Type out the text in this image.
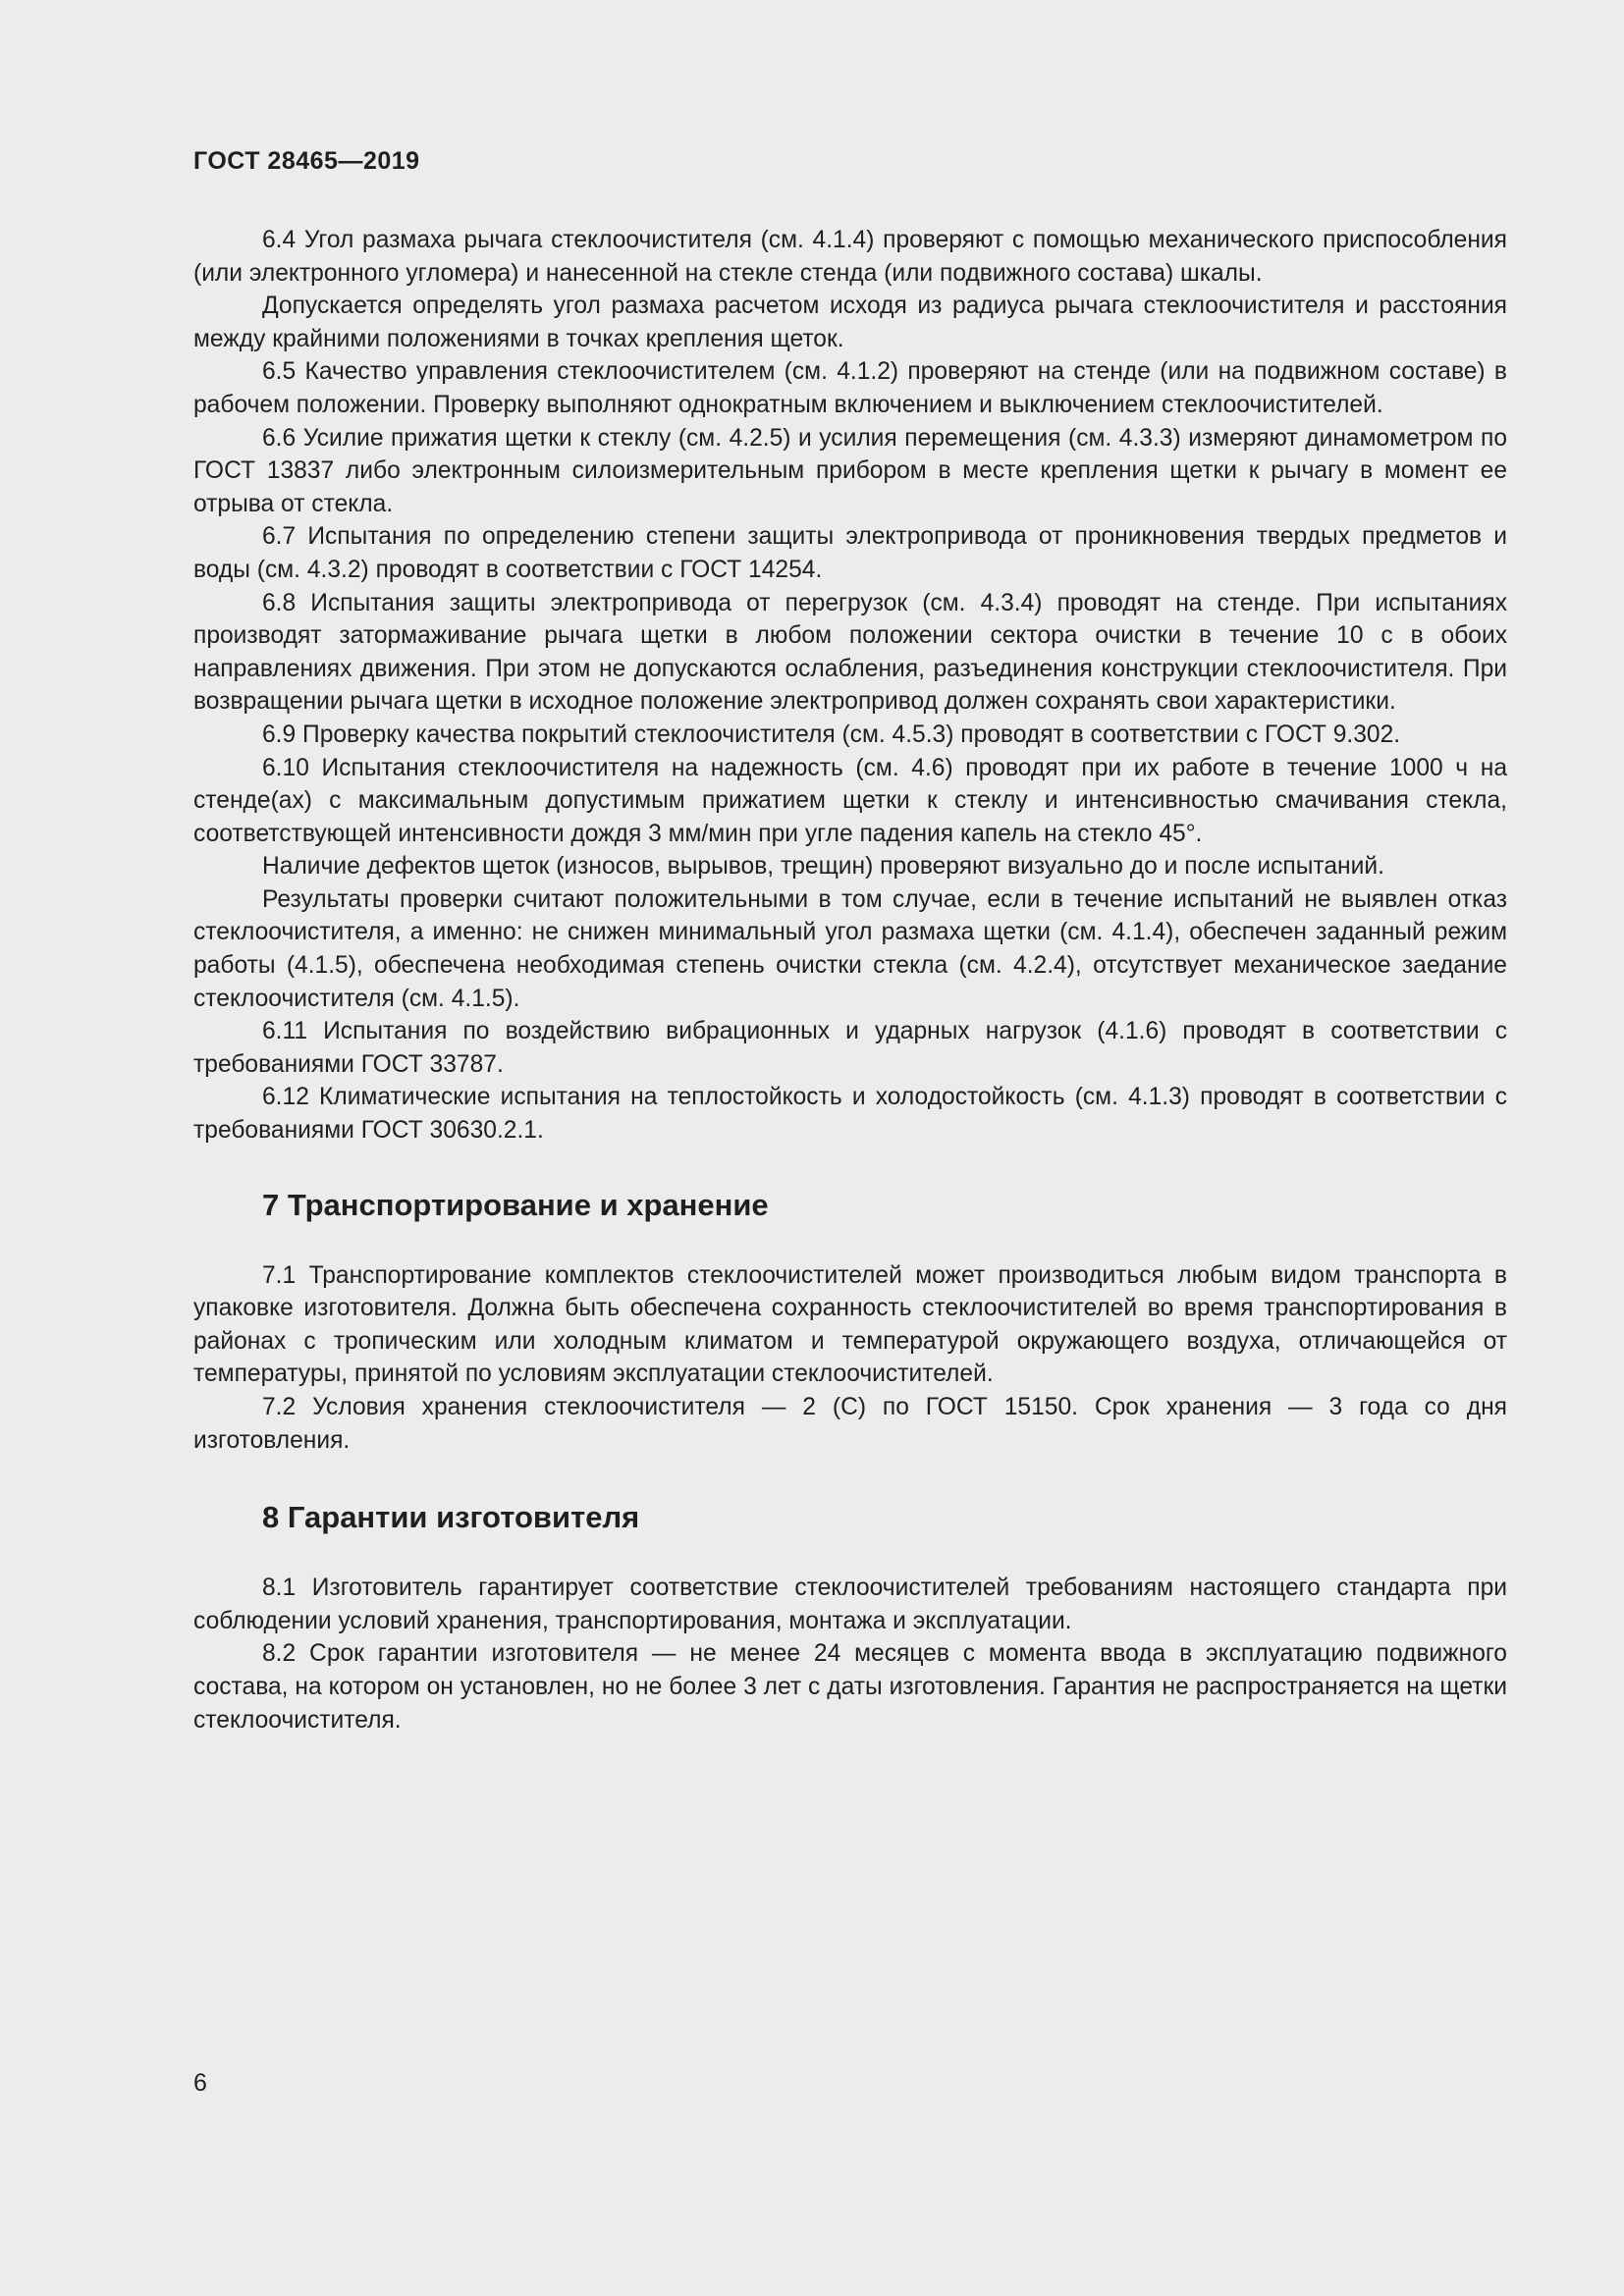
ГОСТ 28465—2019

6.4 Угол размаха рычага стеклоочистителя (см. 4.1.4) проверяют с помощью механического приспособления (или электронного угломера) и нанесенной на стекле стенда (или подвижного состава) шкалы.

Допускается определять угол размаха расчетом исходя из радиуса рычага стеклоочистителя и расстояния между крайними положениями в точках крепления щеток.

6.5 Качество управления стеклоочистителем (см. 4.1.2) проверяют на стенде (или на подвижном составе) в рабочем положении. Проверку выполняют однократным включением и выключением стеклоочистителей.

6.6 Усилие прижатия щетки к стеклу (см. 4.2.5) и усилия перемещения (см. 4.3.3) измеряют динамометром по ГОСТ 13837 либо электронным силоизмерительным прибором в месте крепления щетки к рычагу в момент ее отрыва от стекла.

6.7 Испытания по определению степени защиты электропривода от проникновения твердых предметов и воды (см. 4.3.2) проводят в соответствии с ГОСТ 14254.

6.8 Испытания защиты электропривода от перегрузок (см. 4.3.4) проводят на стенде. При испытаниях производят затормаживание рычага щетки в любом положении сектора очистки в течение 10 с в обоих направлениях движения. При этом не допускаются ослабления, разъединения конструкции стеклоочистителя. При возвращении рычага щетки в исходное положение электропривод должен сохранять свои характеристики.

6.9 Проверку качества покрытий стеклоочистителя (см. 4.5.3) проводят в соответствии с ГОСТ 9.302.

6.10 Испытания стеклоочистителя на надежность (см. 4.6) проводят при их работе в течение 1000 ч на стенде(ах) с максимальным допустимым прижатием щетки к стеклу и интенсивностью смачивания стекла, соответствующей интенсивности дождя 3 мм/мин при угле падения капель на стекло 45°.

Наличие дефектов щеток (износов, вырывов, трещин) проверяют визуально до и после испытаний.

Результаты проверки считают положительными в том случае, если в течение испытаний не выявлен отказ стеклоочистителя, а именно: не снижен минимальный угол размаха щетки (см. 4.1.4), обеспечен заданный режим работы (4.1.5), обеспечена необходимая степень очистки стекла (см. 4.2.4), отсутствует механическое заедание стеклоочистителя (см. 4.1.5).

6.11 Испытания по воздействию вибрационных и ударных нагрузок (4.1.6) проводят в соответствии с требованиями ГОСТ 33787.

6.12 Климатические испытания на теплостойкость и холодостойкость (см. 4.1.3) проводят в соответствии с требованиями ГОСТ 30630.2.1.

7 Транспортирование и хранение

7.1 Транспортирование комплектов стеклоочистителей может производиться любым видом транспорта в упаковке изготовителя. Должна быть обеспечена сохранность стеклоочистителей во время транспортирования в районах с тропическим или холодным климатом и температурой окружающего воздуха, отличающейся от температуры, принятой по условиям эксплуатации стеклоочистителей.

7.2 Условия хранения стеклоочистителя — 2 (С) по ГОСТ 15150. Срок хранения — 3 года со дня изготовления.

8 Гарантии изготовителя

8.1 Изготовитель гарантирует соответствие стеклоочистителей требованиям настоящего стандарта при соблюдении условий хранения, транспортирования, монтажа и эксплуатации.

8.2 Срок гарантии изготовителя — не менее 24 месяцев с момента ввода в эксплуатацию подвижного состава, на котором он установлен, но не более 3 лет с даты изготовления. Гарантия не распространяется на щетки стеклоочистителя.

6
